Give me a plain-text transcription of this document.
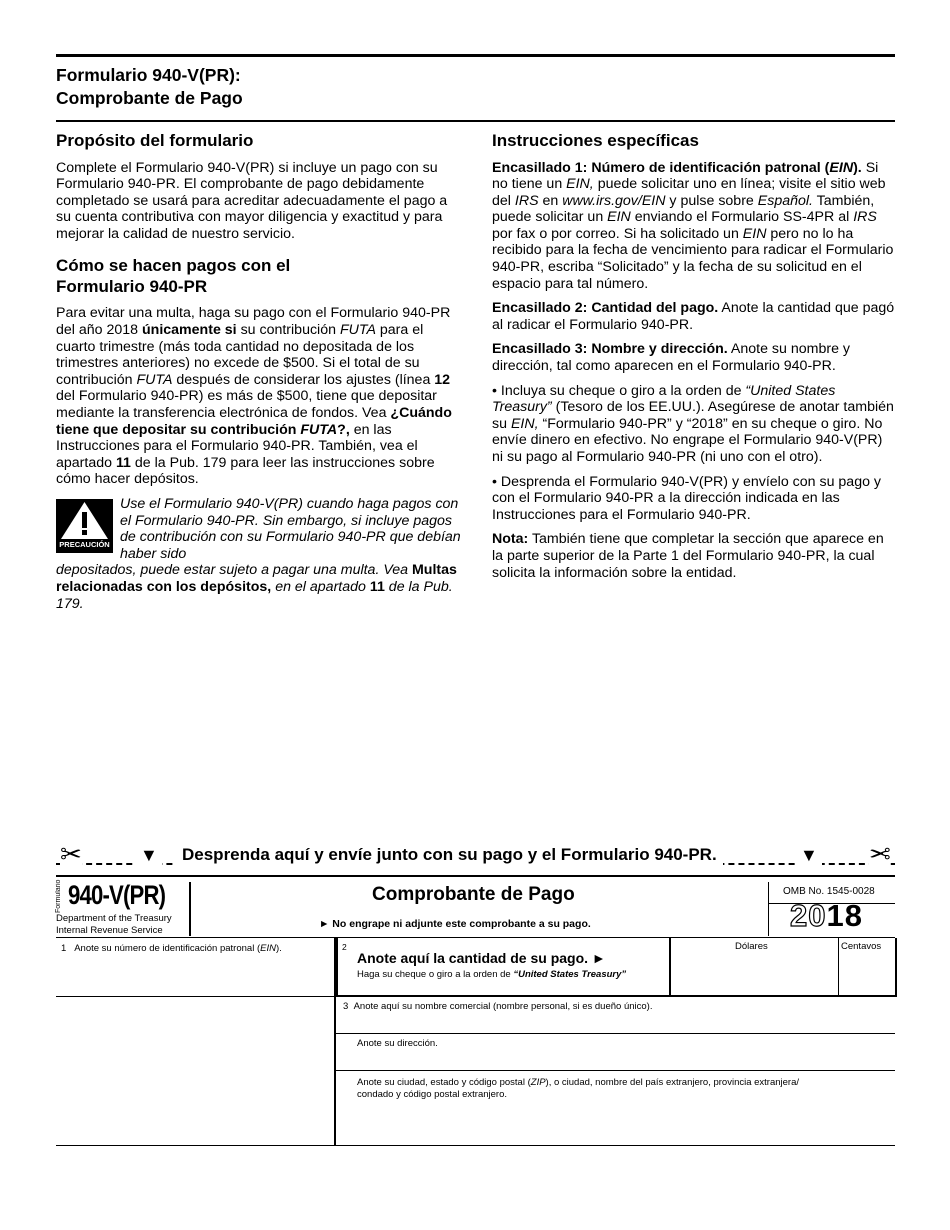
Formulario 940-V(PR):
Comprobante de Pago
Propósito del formulario

Complete el Formulario 940-V(PR) si incluye un pago con su Formulario 940-PR. El comprobante de pago debidamente completado se usará para acreditar adecuadamente el pago a su cuenta contributiva con mayor diligencia y exactitud y para mejorar la calidad de nuestro servicio.

Cómo se hacen pagos con el Formulario 940-PR

Para evitar una multa, haga su pago con el Formulario 940-PR del año 2018 únicamente si su contribución FUTA para el cuarto trimestre (más toda cantidad no depositada de los trimestres anteriores) no excede de $500. Si el total de su contribución FUTA después de considerar los ajustes (línea 12 del Formulario 940-PR) es más de $500, tiene que depositar mediante la transferencia electrónica de fondos. Vea ¿Cuándo tiene que depositar su contribución FUTA?, en las Instrucciones para el Formulario 940-PR. También, vea el apartado 11 de la Pub. 179 para leer las instrucciones sobre cómo hacer depósitos.

PRECAUCIÓN
Use el Formulario 940-V(PR) cuando haga pagos con el Formulario 940-PR. Sin embargo, si incluye pagos de contribución con su Formulario 940-PR que debían haber sido
depositados, puede estar sujeto a pagar una multa. Vea Multas relacionadas con los depósitos, en el apartado 11 de la Pub. 179.
Instrucciones específicas

Encasillado 1: Número de identificación patronal (EIN). Si no tiene un EIN, puede solicitar uno en línea; visite el sitio web del IRS en www.irs.gov/EIN y pulse sobre Español. También, puede solicitar un EIN enviando el Formulario SS-4PR al IRS por fax o por correo. Si ha solicitado un EIN pero no lo ha recibido para la fecha de vencimiento para radicar el Formulario 940-PR, escriba “Solicitado” y la fecha de su solicitud en el espacio para tal número.

Encasillado 2: Cantidad del pago. Anote la cantidad que pagó al radicar el Formulario 940-PR.

Encasillado 3: Nombre y dirección. Anote su nombre y dirección, tal como aparecen en el Formulario 940-PR.

• Incluya su cheque o giro a la orden de “United States Treasury” (Tesoro de los EE.UU.). Asegúrese de anotar también su EIN, “Formulario 940-PR” y “2018” en su cheque o giro. No envíe dinero en efectivo. No engrape el Formulario 940-V(PR) ni su pago al Formulario 940-PR (ni uno con el otro).

• Desprenda el Formulario 940-V(PR) y envíelo con su pago y con el Formulario 940-PR a la dirección indicada en las Instrucciones para el Formulario 940-PR.

Nota: También tiene que completar la sección que aparece en la parte superior de la Parte 1 del Formulario 940-PR, la cual solicita la información sobre la entidad.

✂	▼	Desprenda aquí y envíe junto con su pago y el Formulario 940-PR.	▼ ✂
Formulario 940-V(PR)
Department of the Treasury
Internal Revenue Service
Comprobante de Pago
► No engrape ni adjunte este comprobante a su pago.
OMB No. 1545-0028
2018
1 Anote su número de identificación patronal (EIN).	2
Anote aquí la cantidad de su pago. ►
Haga su cheque o giro a la orden de “United States Treasury”
Dólares	Centavos
3 Anote aquí su nombre comercial (nombre personal, si es dueño único).
Anote su dirección.
Anote su ciudad, estado y código postal (ZIP), o ciudad, nombre del país extranjero, provincia extranjera/
condado y código postal extranjero.
